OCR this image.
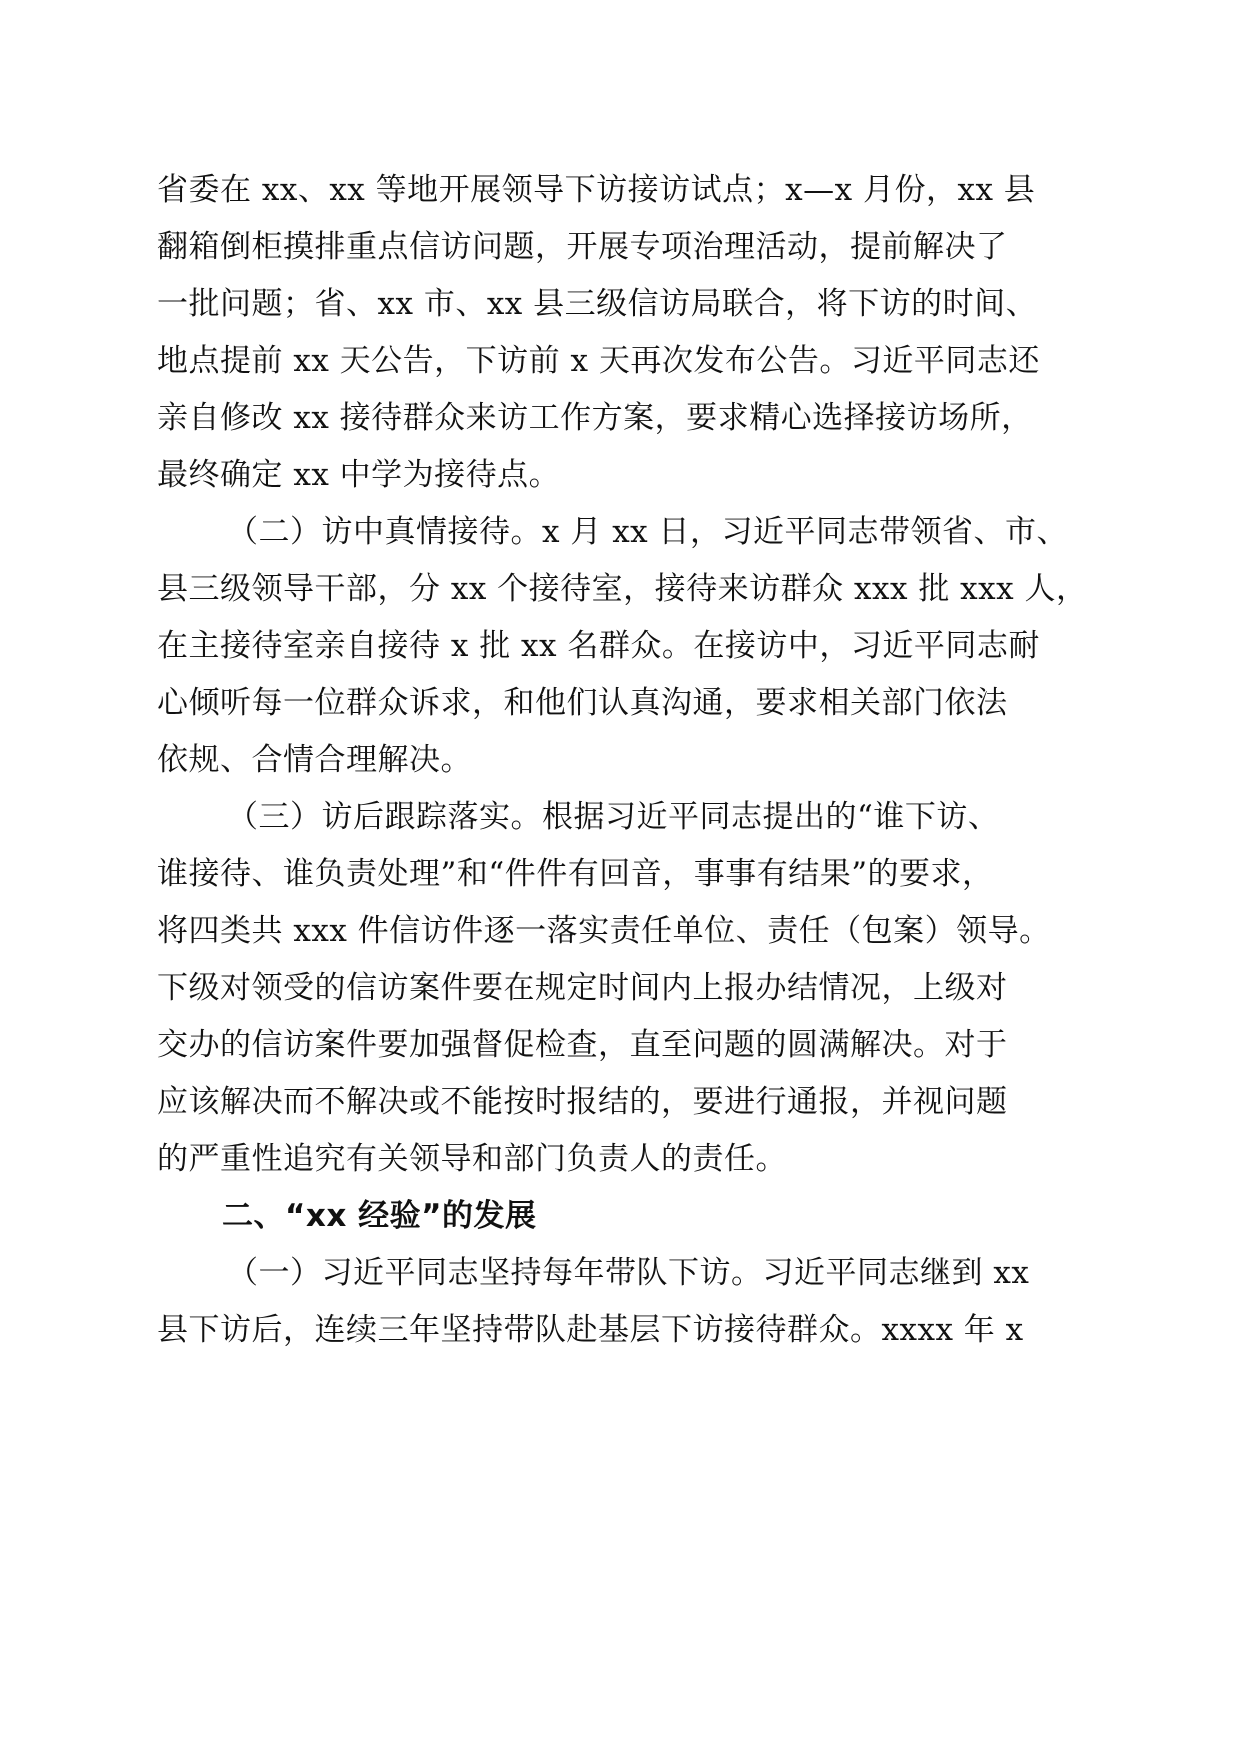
省委在 xx、xx 等地开展领导下访接访试点；x—x 月份，xx 县
翻箱倒柜摸排重点信访问题，开展专项治理活动，提前解决了
一批问题；省、xx 市、xx 县三级信访局联合，将下访的时间、
地点提前 xx 天公告，下访前 x 天再次发布公告。习近平同志还
亲自修改 xx 接待群众来访工作方案，要求精心选择接访场所，
最终确定 xx 中学为接待点。
（二）访中真情接待。x 月 xx 日，习近平同志带领省、市、
县三级领导干部，分 xx 个接待室，接待来访群众 xxx 批 xxx 人，
在主接待室亲自接待 x 批 xx 名群众。在接访中，习近平同志耐
心倾听每一位群众诉求，和他们认真沟通，要求相关部门依法
依规、合情合理解决。
（三）访后跟踪落实。根据习近平同志提出的“谁下访、
谁接待、谁负责处理”和“件件有回音，事事有结果”的要求，
将四类共 xxx 件信访件逐一落实责任单位、责任（包案）领导。
下级对领受的信访案件要在规定时间内上报办结情况，上级对
交办的信访案件要加强督促检查，直至问题的圆满解决。对于
应该解决而不解决或不能按时报结的，要进行通报，并视问题
的严重性追究有关领导和部门负责人的责任。
二、“xx 经验”的发展
（一）习近平同志坚持每年带队下访。习近平同志继到 xx
县下访后，连续三年坚持带队赴基层下访接待群众。xxxx 年 x
